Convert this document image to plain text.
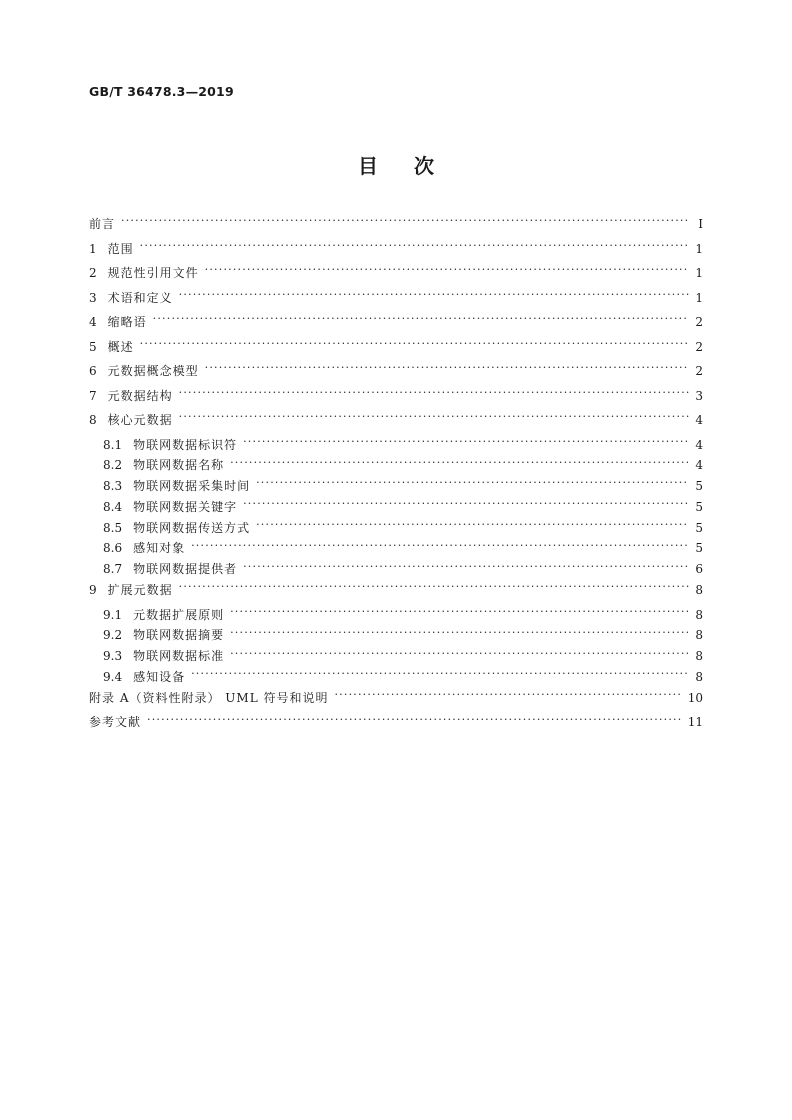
GB/T 36478.3—2019
目次
前言 ·····	Ⅰ
1 范围 ·····	1
2 规范性引用文件 ·····	1
3 术语和定义 ·····	1
4 缩略语 ·····	2
5 概述 ·····	2
6 元数据概念模型 ·····	2
7 元数据结构 ·····	3
8 核心元数据 ·····	4
8.1 物联网数据标识符 ·····	4
8.2 物联网数据名称 ·····	4
8.3 物联网数据采集时间 ·····	5
8.4 物联网数据关键字 ·····	5
8.5 物联网数据传送方式 ·····	5
8.6 感知对象 ·····	5
8.7 物联网数据提供者 ·····	6
9 扩展元数据 ·····	8
9.1 元数据扩展原则 ·····	8
9.2 物联网数据摘要 ·····	8
9.3 物联网数据标准 ·····	8
9.4 感知设备 ·····	8
附录 A（资料性附录） UML 符号和说明 ·····	10
参考文献 ·····	11
